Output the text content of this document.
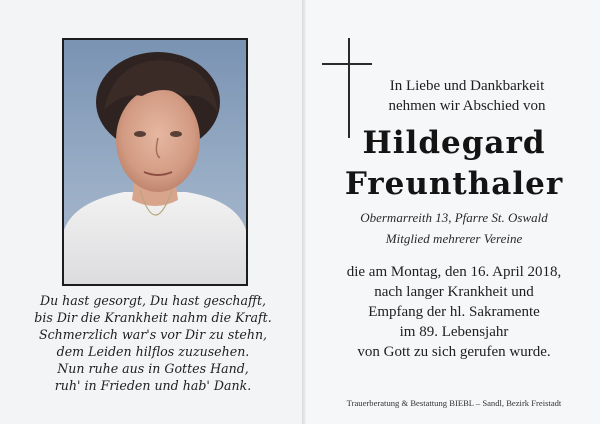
Du hast gesorgt, Du hast geschafft,
bis Dir die Krankheit nahm die Kraft.
Schmerzlich war's vor Dir zu stehn,
dem Leiden hilflos zuzusehen.
Nun ruhe aus in Gottes Hand,
ruh' in Frieden und hab' Dank.
In Liebe und Dankbarkeit
nehmen wir Abschied von
Hildegard
Freunthaler
Obermarreith 13, Pfarre St. Oswald
Mitglied mehrerer Vereine
die am Montag, den 16. April 2018,
nach langer Krankheit und
Empfang der hl. Sakramente
im 89. Lebensjahr
von Gott zu sich gerufen wurde.
Trauerberatung & Bestattung BIEBL – Sandl, Bezirk Freistadt
